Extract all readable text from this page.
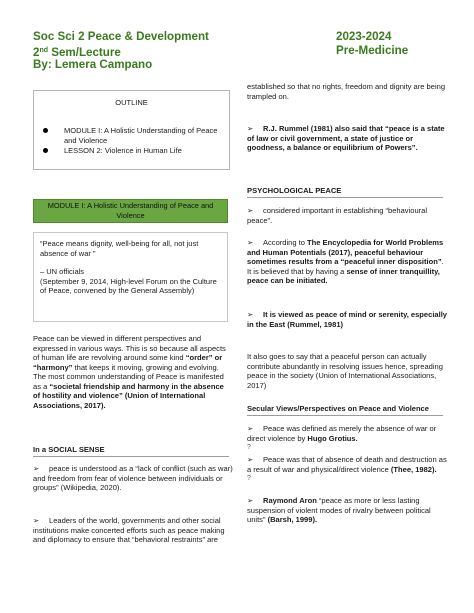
Soc Sci 2 Peace & Development	2023-2024
2nd Sem/Lecture	Pre-Medicine
By: Lemera Campano
OUTLINE
MODULE I: A Holistic Understanding of Peace and Violence
LESSON 2: Violence in Human Life
MODULE I: A Holistic Understanding of Peace and Violence
“Peace means dignity, well-being for all, not just absence of war ”
– UN officials
(September 9, 2014, High-level Forum on the Culture of Peace, convened by the General Assembly)
Peace can be viewed in different perspectives and expressed in various ways. This is so because all aspects of human life are revolving around some kind “order” or “harmony” that keeps it moving, growing and evolving. The most common understanding of Peace is manifested as a “societal friendship and harmony in the absence of hostility and violence” (Union of International Associations, 2017).
In a SOCIAL SENSE
➢ peace is understood as a “lack of conflict (such as war) and freedom from fear of violence between individuals or groups” (Wikipedia, 2020).
➢ Leaders of the world, governments and other social institutions make concerted efforts such as peace making and diplomacy to ensure that “behavioral restraints” are
established so that no rights, freedom and dignity are being trampled on.
➢ R.J. Rummel (1981) also said that “peace is a state of law or civil government, a state of justice or goodness, a balance or equilibrium of Powers”.
PSYCHOLOGICAL PEACE
➢ considered important in establishing “behavioural peace”.
➢ According to The Encyclopedia for World Problems and Human Potentials (2017), peaceful behaviour sometimes results from a “peaceful inner disposition”. It is believed that by having a sense of inner tranquillity, peace can be initiated.
➢ It is viewed as peace of mind or serenity, especially in the East (Rummel, 1981)
It also goes to say that a peaceful person can actually contribute abundantly in resolving issues hence, spreading peace in the society (Union of International Associations, 2017)
Secular Views/Perspectives on Peace and Violence
➢ Peace was defined as merely the absence of war or direct violence by Hugo Grotius.
?
➢ Peace was that of absence of death and destruction as a result of war and physical/direct violence (Thee, 1982).
?
➢ Raymond Aron “peace as more or less lasting suspension of violent modes of rivalry between political units” (Barsh, 1999).
